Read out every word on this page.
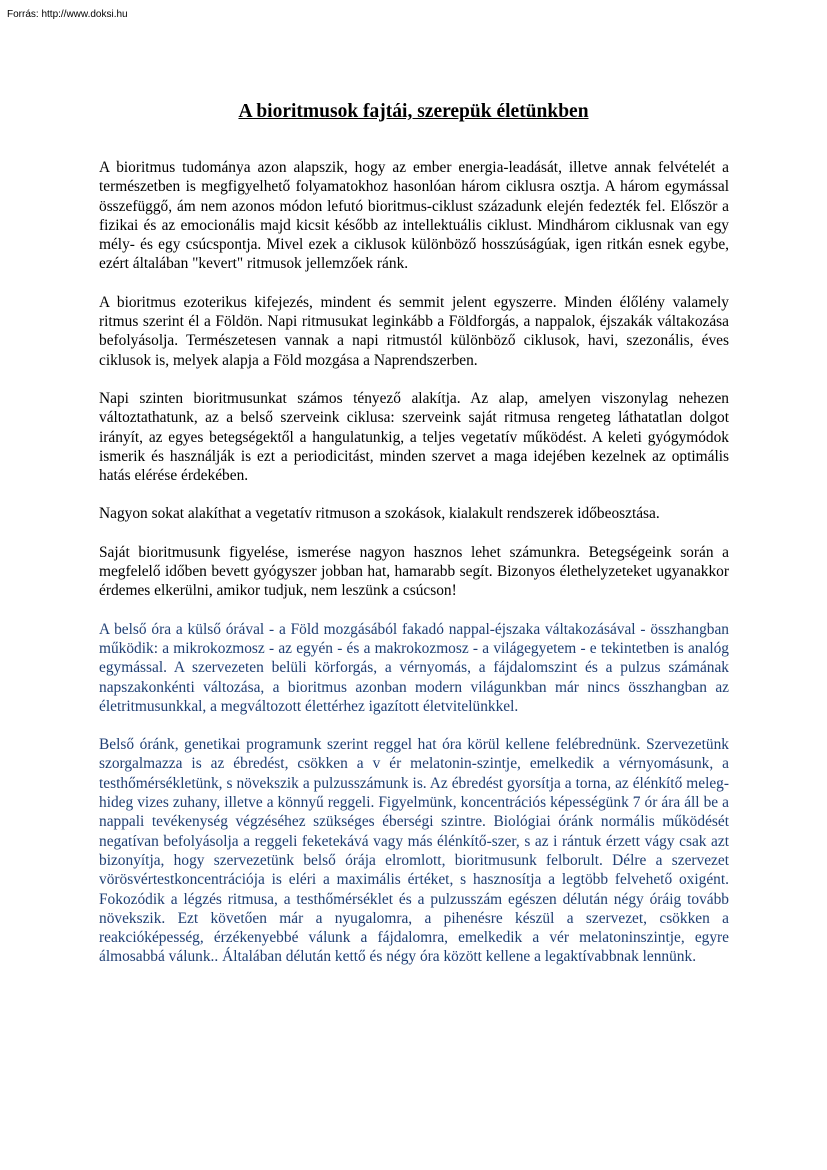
Forrás: http://www.doksi.hu
A bioritmusok fajtái, szerepük életünkben

A bioritmus tudománya azon alapszik, hogy az ember energia-leadását, illetve annak felvételét a természetben is megfigyelhető folyamatokhoz hasonlóan három ciklusra osztja. A három egymással összefüggő, ám nem azonos módon lefutó bioritmus-ciklust századunk elején fedezték fel. Először a fizikai és az emocionális majd kicsit később az intellektuális ciklust. Mindhárom ciklusnak van egy mély- és egy csúcspontja. Mivel ezek a ciklusok különböző hosszúságúak, igen ritkán esnek egybe, ezért általában "kevert" ritmusok jellemzőek ránk.

A bioritmus ezoterikus kifejezés, mindent és semmit jelent egyszerre. Minden élőlény valamely ritmus szerint él a Földön. Napi ritmusukat leginkább a Földforgás, a nappalok, éjszakák váltakozása befolyásolja. Természetesen vannak a napi ritmustól különböző ciklusok, havi, szezonális, éves ciklusok is, melyek alapja a Föld mozgása a Naprendszerben.

Napi szinten bioritmusunkat számos tényező alakítja. Az alap, amelyen viszonylag nehezen változtathatunk, az a belső szerveink ciklusa: szerveink saját ritmusa rengeteg láthatatlan dolgot irányít, az egyes betegségektől a hangulatunkig, a teljes vegetatív működést. A keleti gyógymódok ismerik és használják is ezt a periodicitást, minden szervet a maga idejében kezelnek az optimális hatás elérése érdekében.

Nagyon sokat alakíthat a vegetatív ritmuson a szokások, kialakult rendszerek időbeosztása.

Saját bioritmusunk figyelése, ismerése nagyon hasznos lehet számunkra. Betegségeink során a megfelelő időben bevett gyógyszer jobban hat, hamarabb segít. Bizonyos élethelyzeteket ugyanakkor érdemes elkerülni, amikor tudjuk, nem leszünk a csúcson!

A belső óra a külső órával - a Föld mozgásából fakadó nappal-éjszaka váltakozásával - összhangban működik: a mikrokozmosz - az egyén - és a makrokozmosz - a világegyetem - e tekintetben is analóg egymással. A szervezeten belüli körforgás, a vérnyomás, a fájdalomszint és a pulzus számának napszakonkénti változása, a bioritmus azonban modern világunkban már nincs összhangban az életritmusunkkal, a megváltozott élettérhez igazított életvitelünkkel.

Belső óránk, genetikai programunk szerint reggel hat óra körül kellene felébrednünk. Szervezetünk szorgalmazza is az ébredést, csökken a v ér melatonin-szintje, emelkedik a vérnyomásunk, a testhőmérsékletünk, s növekszik a pulzusszámunk is. Az ébredést gyorsítja a torna, az élénkítő meleg-hideg vizes zuhany, illetve a könnyű reggeli. Figyelmünk, koncentrációs képességünk 7 ór ára áll be a nappali tevékenység végzéséhez szükséges éberségi szintre. Biológiai óránk normális működését negatívan befolyásolja a reggeli feketekává vagy más élénkítő-szer, s az i rántuk érzett vágy csak azt bizonyítja, hogy szervezetünk belső órája elromlott, bioritmusunk felborult. Délre a szervezet vörösvértestkoncentrációja is eléri a maximális értéket, s hasznosítja a legtöbb felvehető oxigént. Fokozódik a légzés ritmusa, a testhőmérséklet és a pulzusszám egészen délután négy óráig tovább növekszik. Ezt követően már a nyugalomra, a pihenésre készül a szervezet, csökken a reakcióképesség, érzékenyebbé válunk a fájdalomra, emelkedik a vér melatoninszintje, egyre álmosabbá válunk.. Általában délután kettő és négy óra között kellene a legaktívabbnak lennünk.
